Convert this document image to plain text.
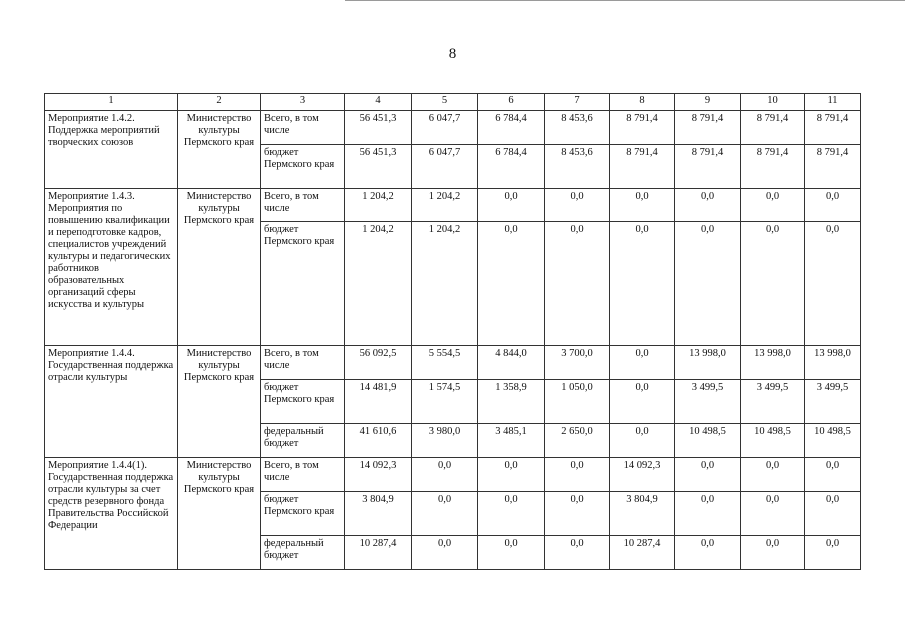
8
1	2	3	4	5	6	7	8	9	10	11
Мероприятие 1.4.2. Поддержка мероприятий творческих союзов	Министерство культуры Пермского края	Всего, в том числе	56 451,3	6 047,7	6 784,4	8 453,6	8 791,4	8 791,4	8 791,4	8 791,4
		бюджет Пермского края	56 451,3	6 047,7	6 784,4	8 453,6	8 791,4	8 791,4	8 791,4	8 791,4
Мероприятие 1.4.3. Мероприятия по повышению квалификации и переподготовке кадров, специалистов учреждений культуры и педагогических работников образовательных организаций сферы искусства и культуры	Министерство культуры Пермского края	Всего, в том числе	1 204,2	1 204,2	0,0	0,0	0,0	0,0	0,0	0,0
		бюджет Пермского края	1 204,2	1 204,2	0,0	0,0	0,0	0,0	0,0	0,0
Мероприятие 1.4.4. Государственная поддержка отрасли культуры	Министерство культуры Пермского края	Всего, в том числе	56 092,5	5 554,5	4 844,0	3 700,0	0,0	13 998,0	13 998,0	13 998,0
		бюджет Пермского края	14 481,9	1 574,5	1 358,9	1 050,0	0,0	3 499,5	3 499,5	3 499,5
		федеральный бюджет	41 610,6	3 980,0	3 485,1	2 650,0	0,0	10 498,5	10 498,5	10 498,5
Мероприятие 1.4.4(1). Государственная поддержка отрасли культуры за счет средств резервного фонда Правительства Российской Федерации	Министерство культуры Пермского края	Всего, в том числе	14 092,3	0,0	0,0	0,0	14 092,3	0,0	0,0	0,0
		бюджет Пермского края	3 804,9	0,0	0,0	0,0	3 804,9	0,0	0,0	0,0
		федеральный бюджет	10 287,4	0,0	0,0	0,0	10 287,4	0,0	0,0	0,0
